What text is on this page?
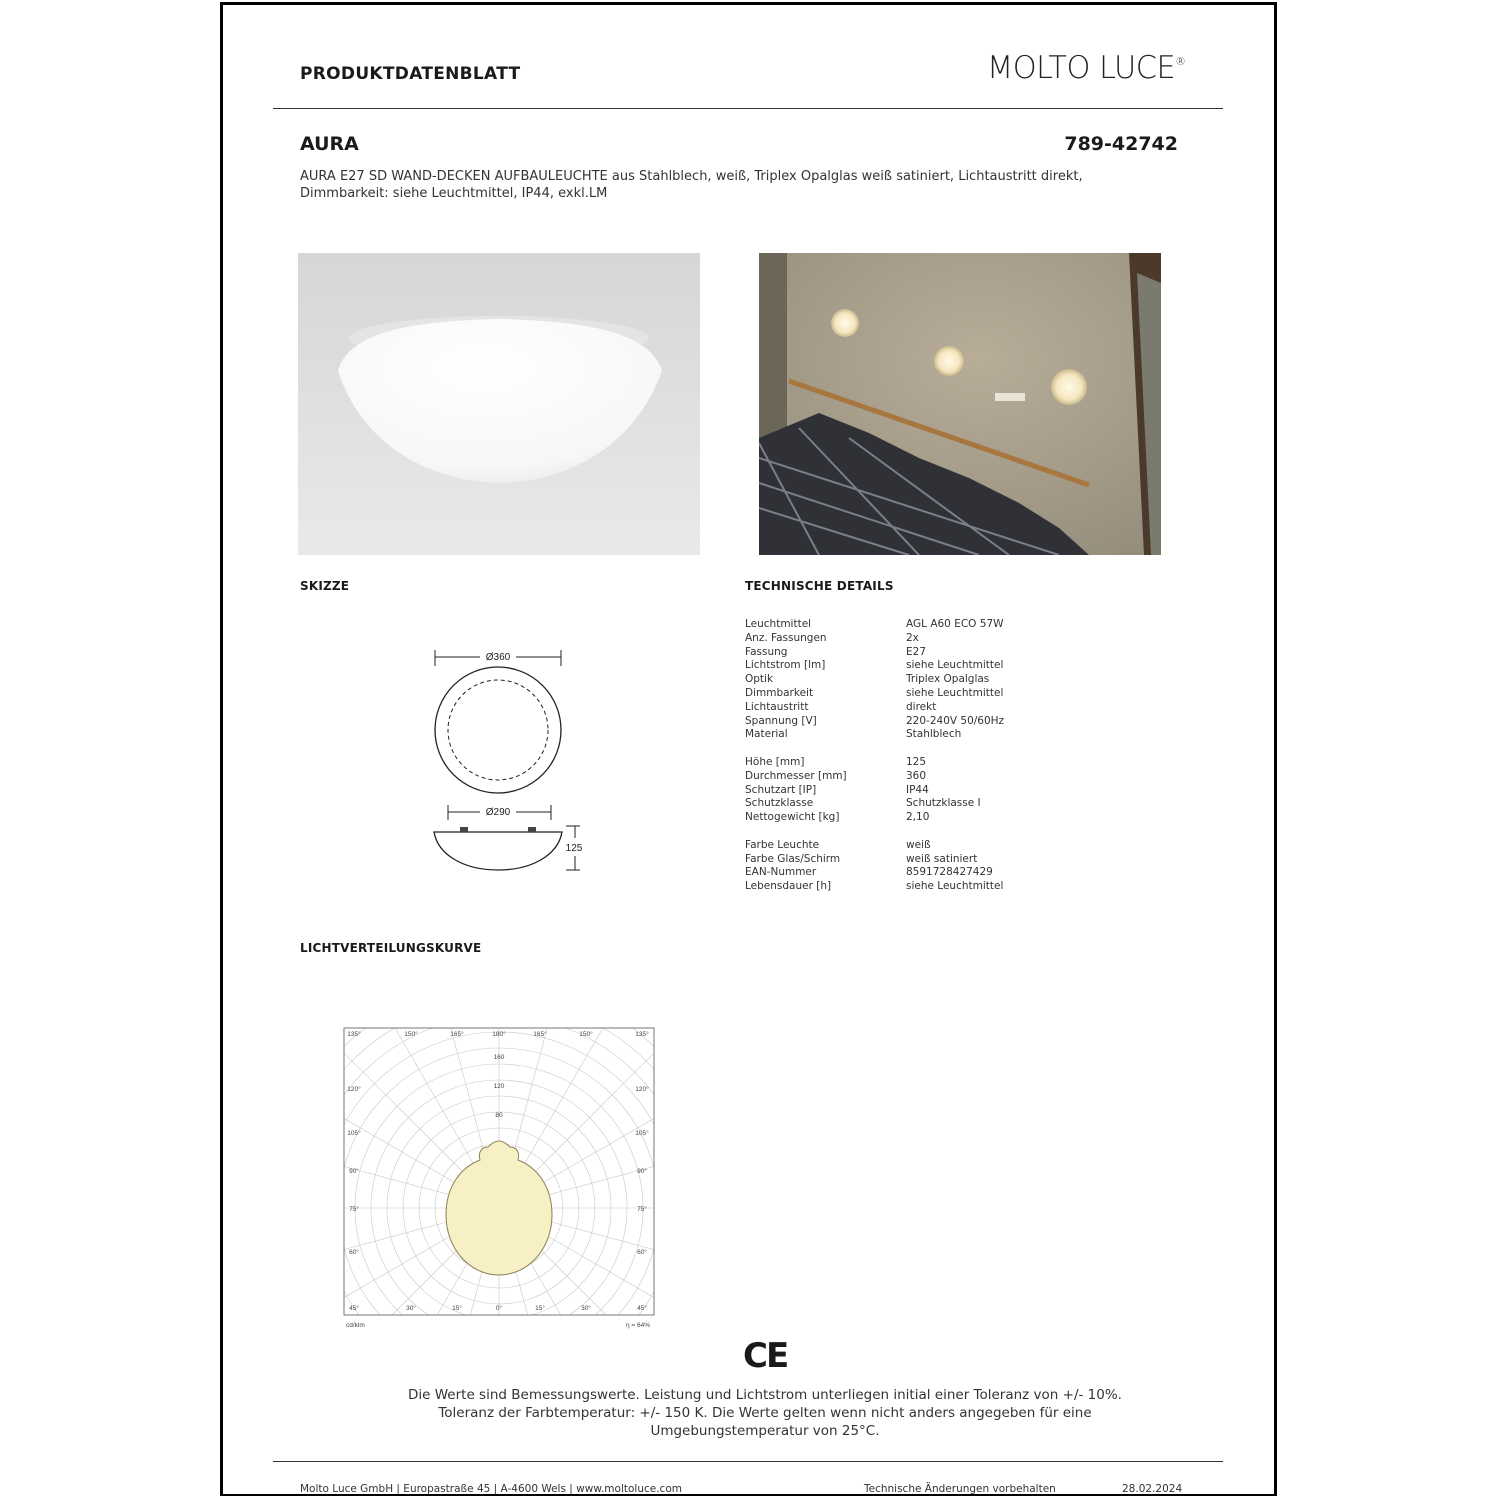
PRODUKTDATENBLATT	MOLTO LUCE®
AURA	789-42742
AURA E27 SD WAND-DECKEN AUFBAULEUCHTE aus Stahlblech, weiß, Triplex Opalglas weiß satiniert, Lichtaustritt direkt, Dimmbarkeit: siehe Leuchtmittel, IP44, exkl.LM
SKIZZE	TECHNISCHE DETAILS
LICHTVERTEILUNGSKURVE
Ø360
Ø290
125
Leuchtmittel	AGL A60 ECO 57W
Anz. Fassungen	2x
Fassung	E27
Lichtstrom [lm]	siehe Leuchtmittel
Optik	Triplex Opalglas
Dimmbarkeit	siehe Leuchtmittel
Lichtaustritt	direkt
Spannung [V]	220-240V 50/60Hz
Material	Stahlblech
Höhe [mm]	125
Durchmesser [mm]	360
Schutzart [IP]	IP44
Schutzklasse	Schutzklasse I
Nettogewicht [kg]	2,10
Farbe Leuchte	weiß
Farbe Glas/Schirm	weiß satiniert
EAN-Nummer	8591728427429
Lebensdauer [h]	siehe Leuchtmittel
135°	150°	165°	180°	165°	150°	135°
45°	30°	15°	0°	15°	30°	45°
120°	120°
105°	105°
90°	90°
75°	75°
60°	60°
160
120
80
cd/klm	η = 64%
CE
Die Werte sind Bemessungswerte. Leistung und Lichtstrom unterliegen initial einer Toleranz von +/- 10%.
Toleranz der Farbtemperatur: +/- 150 K. Die Werte gelten wenn nicht anders angegeben für eine
Umgebungstemperatur von 25°C.
Molto Luce GmbH | Europastraße 45 | A-4600 Wels | www.moltoluce.com	Technische Änderungen vorbehalten	28.02.2024
